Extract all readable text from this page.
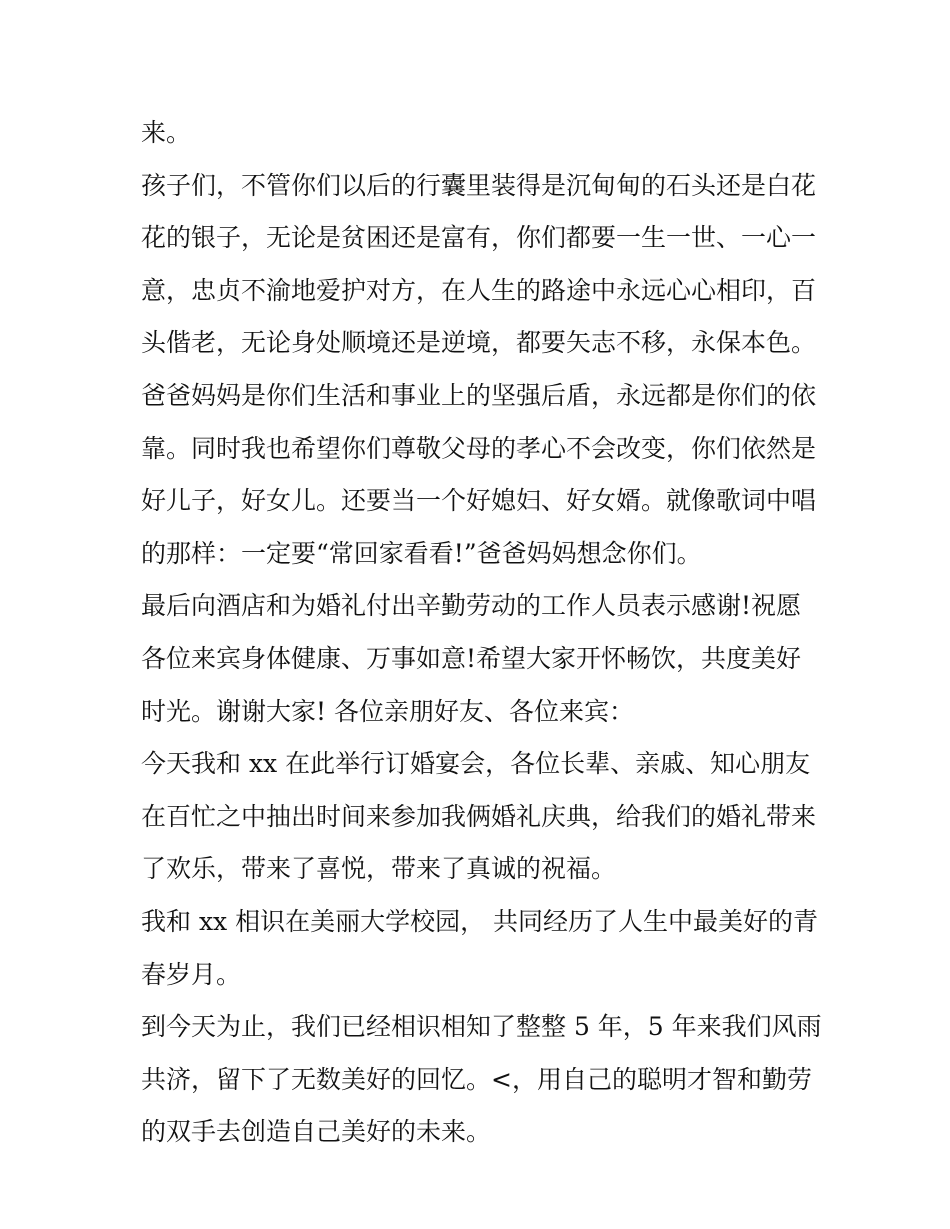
来。
孩子们，不管你们以后的行囊里装得是沉甸甸的石头还是白花
花的银子，无论是贫困还是富有，你们都要一生一世、一心一
意，忠贞不渝地爱护对方，在人生的路途中永远心心相印，百
头偕老，无论身处顺境还是逆境，都要矢志不移，永保本色。
爸爸妈妈是你们生活和事业上的坚强后盾，永远都是你们的依
靠。同时我也希望你们尊敬父母的孝心不会改变，你们依然是
好儿子，好女儿。还要当一个好媳妇、好女婿。就像歌词中唱
的那样：一定要“常回家看看!”爸爸妈妈想念你们。
最后向酒店和为婚礼付出辛勤劳动的工作人员表示感谢!祝愿
各位来宾身体健康、万事如意!希望大家开怀畅饮，共度美好
时光。谢谢大家! 各位亲朋好友、各位来宾：
今天我和 xx 在此举行订婚宴会，各位长辈、亲戚、知心朋友
在百忙之中抽出时间来参加我俩婚礼庆典，给我们的婚礼带来
了欢乐，带来了喜悦，带来了真诚的祝福。
我和 xx 相识在美丽大学校园， 共同经历了人生中最美好的青
春岁月。
到今天为止，我们已经相识相知了整整 5 年，5 年来我们风雨
共济，留下了无数美好的回忆。<，用自己的聪明才智和勤劳
的双手去创造自己美好的未来。
